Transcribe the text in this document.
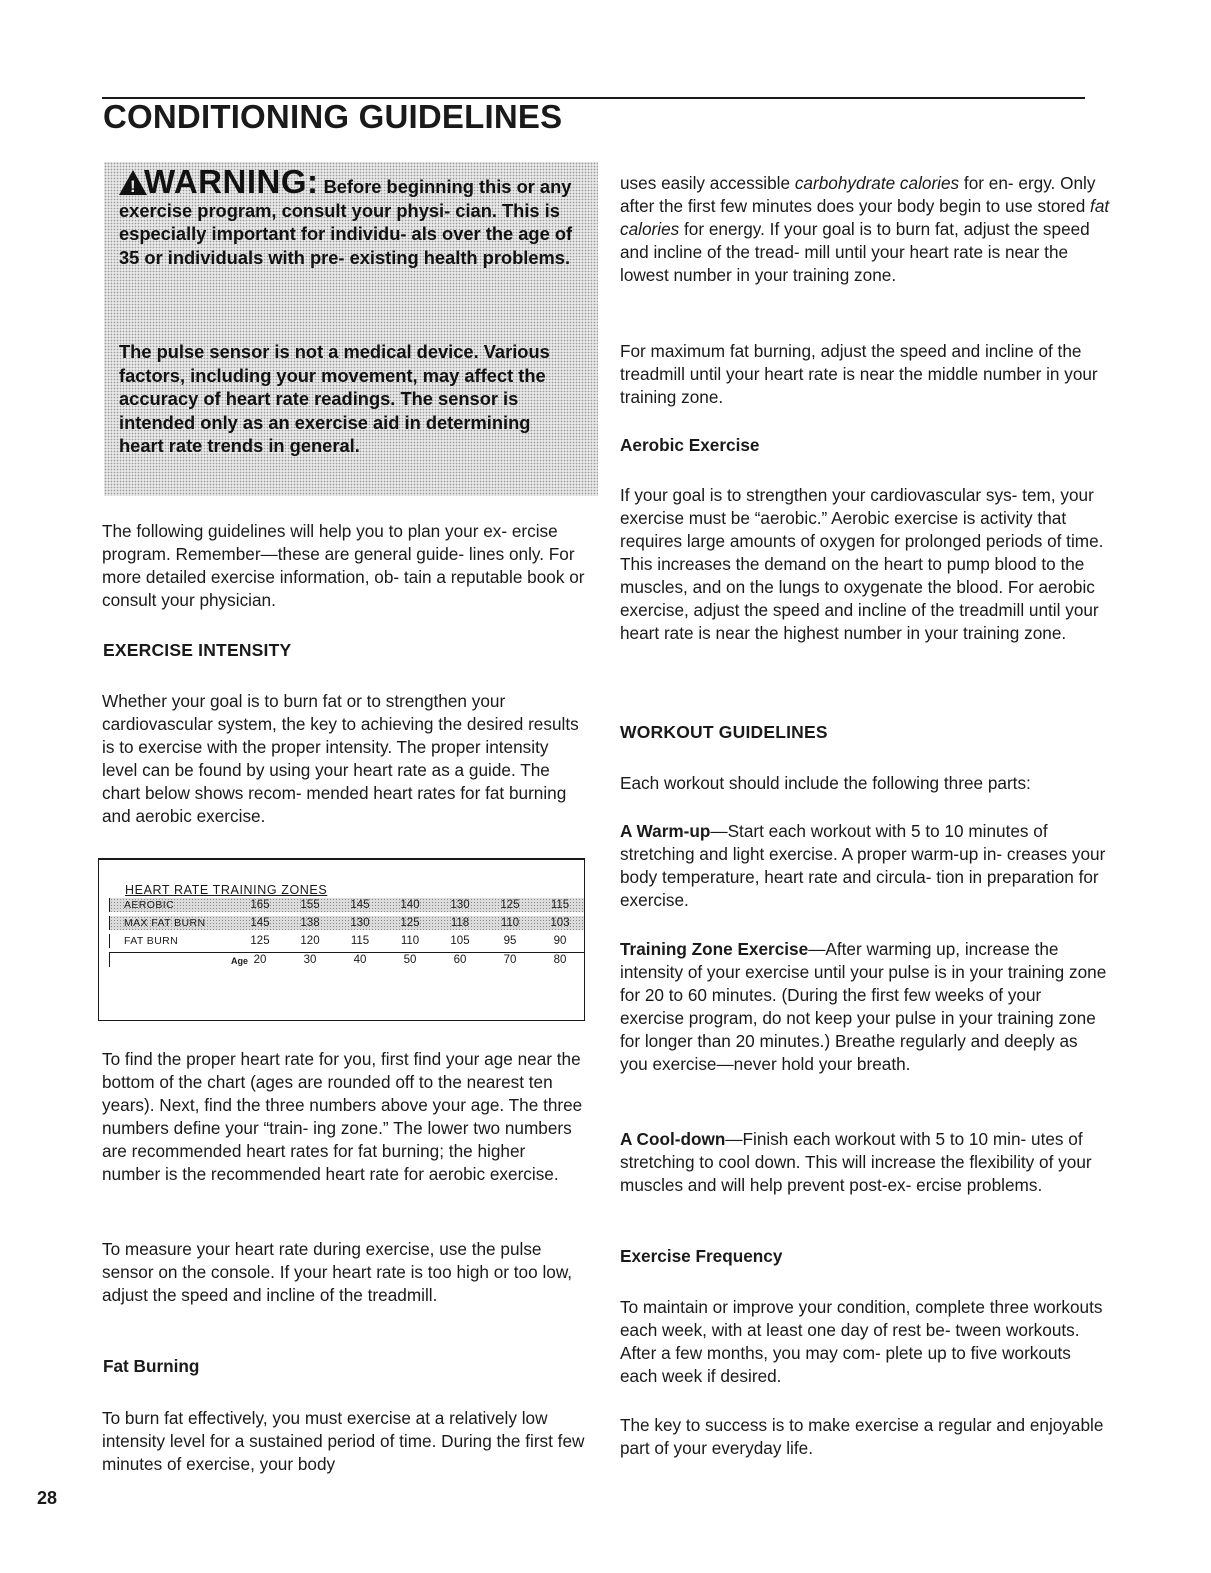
CONDITIONING GUIDELINES
!WARNING: Before beginning this or any exercise program, consult your physi- cian. This is especially important for individu- als over the age of 35 or individuals with pre- existing health problems.
The pulse sensor is not a medical device. Various factors, including your movement, may affect the accuracy of heart rate readings. The sensor is intended only as an exercise aid in determining heart rate trends in general.
The following guidelines will help you to plan your ex- ercise program. Remember—these are general guide- lines only. For more detailed exercise information, ob- tain a reputable book or consult your physician.
EXERCISE INTENSITY
Whether your goal is to burn fat or to strengthen your cardiovascular system, the key to achieving the desired results is to exercise with the proper intensity. The proper intensity level can be found by using your heart rate as a guide. The chart below shows recom- mended heart rates for fat burning and aerobic exercise.
HEART RATE TRAINING ZONES
AEROBIC	165	155	145	140	130	125	115
MAX FAT BURN	145	138	130	125	118	110	103
FAT BURN	125	120	115	110	105	95	90
Age 20	30	40	50	60	70	80
To find the proper heart rate for you, first find your age near the bottom of the chart (ages are rounded off to the nearest ten years). Next, find the three numbers above your age. The three numbers define your “train- ing zone.” The lower two numbers are recommended heart rates for fat burning; the higher number is the recommended heart rate for aerobic exercise.
To measure your heart rate during exercise, use the pulse sensor on the console. If your heart rate is too high or too low, adjust the speed and incline of the treadmill.
Fat Burning
To burn fat effectively, you must exercise at a relatively low intensity level for a sustained period of time. During the first few minutes of exercise, your body
uses easily accessible carbohydrate calories for en- ergy. Only after the first few minutes does your body begin to use stored fat calories for energy. If your goal is to burn fat, adjust the speed and incline of the tread- mill until your heart rate is near the lowest number in your training zone.
For maximum fat burning, adjust the speed and incline of the treadmill until your heart rate is near the middle number in your training zone.
Aerobic Exercise
If your goal is to strengthen your cardiovascular sys- tem, your exercise must be “aerobic.” Aerobic exercise is activity that requires large amounts of oxygen for prolonged periods of time. This increases the demand on the heart to pump blood to the muscles, and on the lungs to oxygenate the blood. For aerobic exercise, adjust the speed and incline of the treadmill until your heart rate is near the highest number in your training zone.
WORKOUT GUIDELINES
Each workout should include the following three parts:
A Warm-up—Start each workout with 5 to 10 minutes of stretching and light exercise. A proper warm-up in- creases your body temperature, heart rate and circula- tion in preparation for exercise.
Training Zone Exercise—After warming up, increase the intensity of your exercise until your pulse is in your training zone for 20 to 60 minutes. (During the first few weeks of your exercise program, do not keep your pulse in your training zone for longer than 20 minutes.) Breathe regularly and deeply as you exercise—never hold your breath.
A Cool-down—Finish each workout with 5 to 10 min- utes of stretching to cool down. This will increase the flexibility of your muscles and will help prevent post-ex- ercise problems.
Exercise Frequency
To maintain or improve your condition, complete three workouts each week, with at least one day of rest be- tween workouts. After a few months, you may com- plete up to five workouts each week if desired.
The key to success is to make exercise a regular and enjoyable part of your everyday life.
28
